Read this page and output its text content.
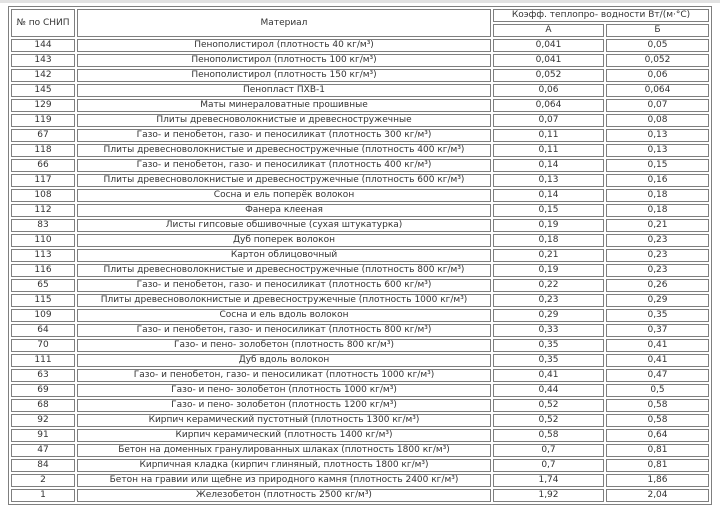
№ по СНИП	Материал	Коэфф. теплопро- водности Вт/(м·°С)	
		А	Б
144	Пенополистирол (плотность 40 кг/м³)	0,041	0,05
143	Пенополистирол (плотность 100 кг/м³)	0,041	0,052
142	Пенополистирол (плотность 150 кг/м³)	0,052	0,06
145	Пенопласт ПХВ-1	0,06	0,064
129	Маты минераловатные прошивные	0,064	0,07
119	Плиты древесноволокнистые и древесностружечные	0,07	0,08
67	Газо- и пенобетон, газо- и пеносиликат (плотность 300 кг/м³)	0,11	0,13
118	Плиты древесноволокнистые и древесностружечные (плотность 400 кг/м³)	0,11	0,13
66	Газо- и пенобетон, газо- и пеносиликат (плотность 400 кг/м³)	0,14	0,15
117	Плиты древесноволокнистые и древесностружечные (плотность 600 кг/м³)	0,13	0,16
108	Сосна и ель поперёк волокон	0,14	0,18
112	Фанера клееная	0,15	0,18
83	Листы гипсовые обшивочные (сухая штукатурка)	0,19	0,21
110	Дуб поперек волокон	0,18	0,23
113	Картон облицовочный	0,21	0,23
116	Плиты древесноволокнистые и древесностружечные (плотность 800 кг/м³)	0,19	0,23
65	Газо- и пенобетон, газо- и пеносиликат (плотность 600 кг/м³)	0,22	0,26
115	Плиты древесноволокнистые и древесностружечные (плотность 1000 кг/м³)	0,23	0,29
109	Сосна и ель вдоль волокон	0,29	0,35
64	Газо- и пенобетон, газо- и пеносиликат (плотность 800 кг/м³)	0,33	0,37
70	Газо- и пено- золобетон (плотность 800 кг/м³)	0,35	0,41
111	Дуб вдоль волокон	0,35	0,41
63	Газо- и пенобетон, газо- и пеносиликат (плотность 1000 кг/м³)	0,41	0,47
69	Газо- и пено- золобетон (плотность 1000 кг/м³)	0,44	0,5
68	Газо- и пено- золобетон (плотность 1200 кг/м³)	0,52	0,58
92	Кирпич керамический пустотный (плотность 1300 кг/м³)	0,52	0,58
91	Кирпич керамический (плотность 1400 кг/м³)	0,58	0,64
47	Бетон на доменных гранулированных шлаках (плотность 1800 кг/м³)	0,7	0,81
84	Кирпичная кладка (кирпич глиняный, плотность 1800 кг/м³)	0,7	0,81
2	Бетон на гравии или щебне из природного камня (плотность 2400 кг/м³)	1,74	1,86
1	Железобетон (плотность 2500 кг/м³)	1,92	2,04
